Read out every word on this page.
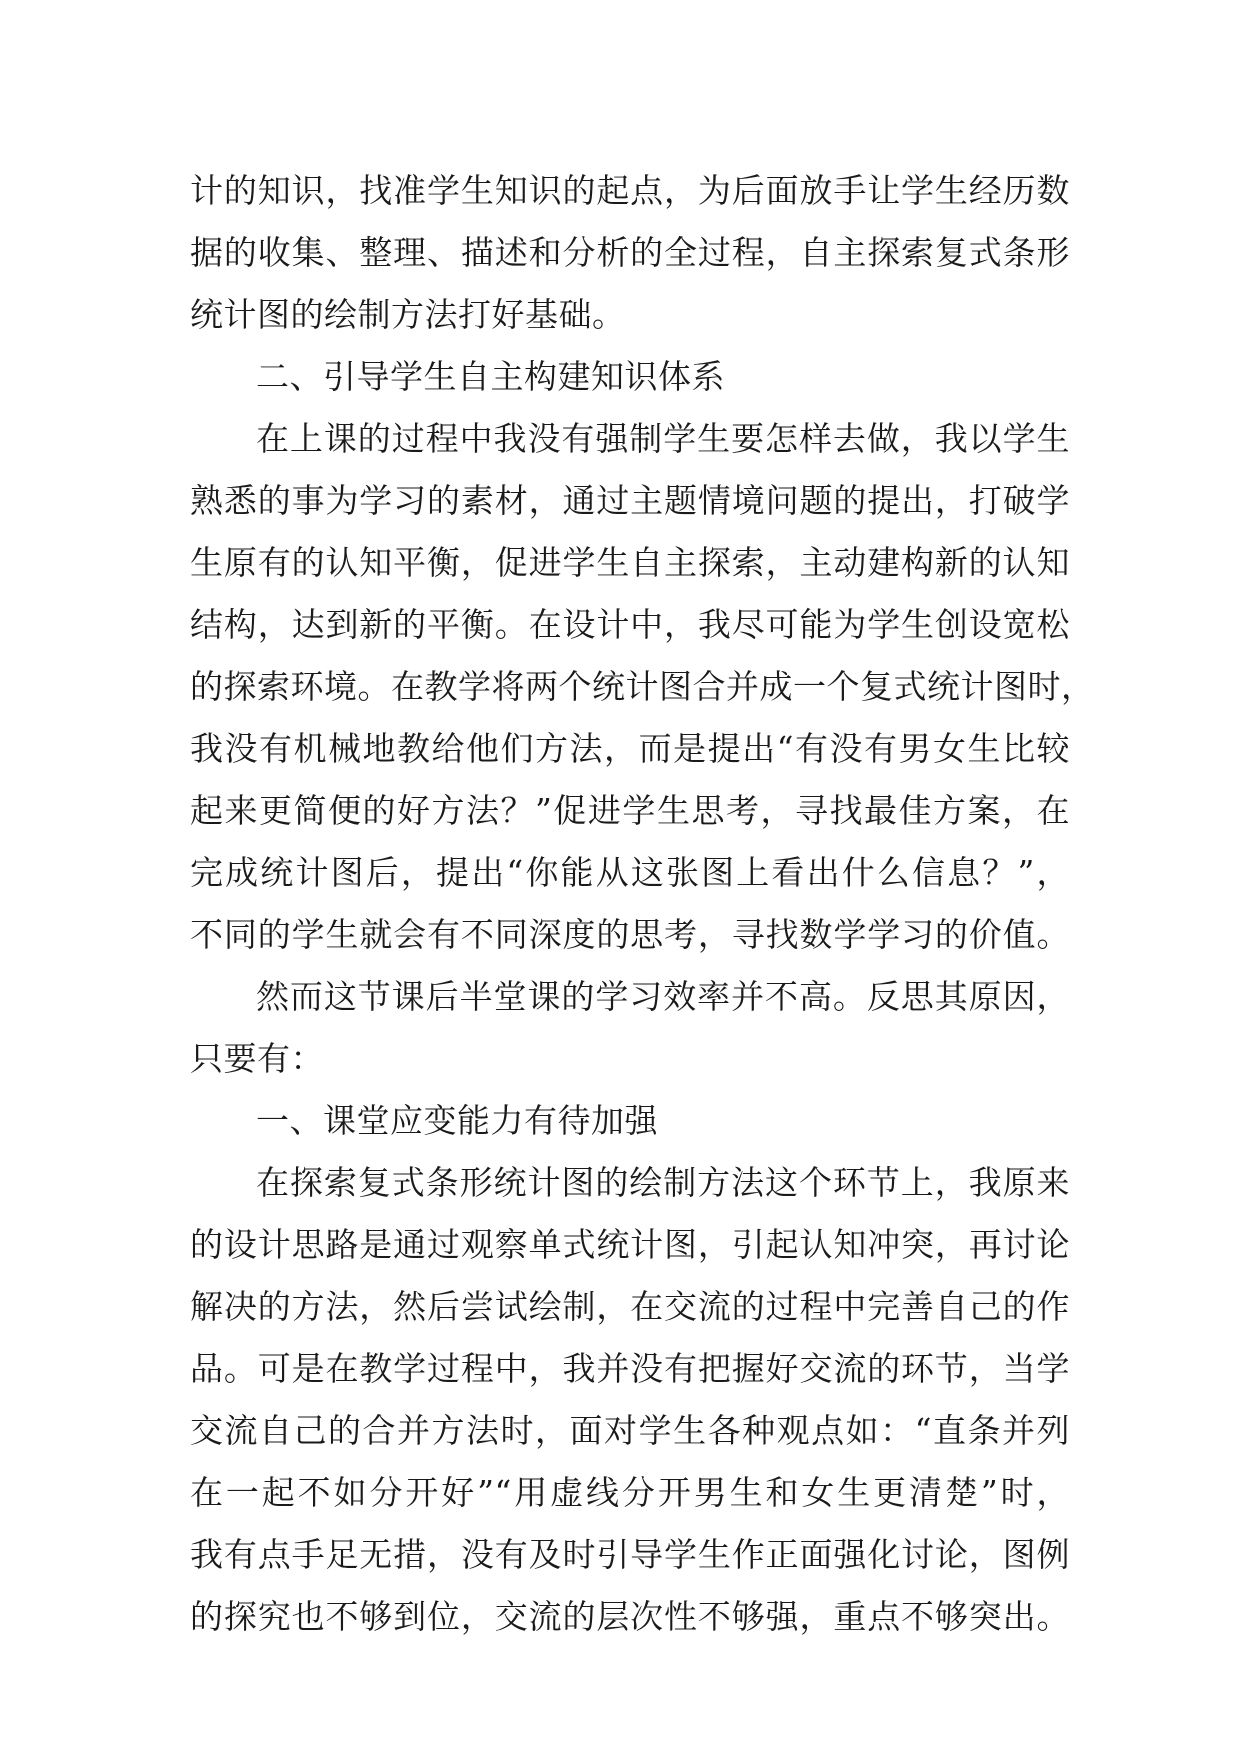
计的知识，找准学生知识的起点，为后面放手让学生经历数
据的收集、整理、描述和分析的全过程，自主探索复式条形
统计图的绘制方法打好基础。
二、引导学生自主构建知识体系
在上课的过程中我没有强制学生要怎样去做，我以学生
熟悉的事为学习的素材，通过主题情境问题的提出，打破学
生原有的认知平衡，促进学生自主探索，主动建构新的认知
结构，达到新的平衡。在设计中，我尽可能为学生创设宽松
的探索环境。在教学将两个统计图合并成一个复式统计图时，
我没有机械地教给他们方法，而是提出“有没有男女生比较
起来更简便的好方法？”促进学生思考，寻找最佳方案，在
完成统计图后，提出“你能从这张图上看出什么信息？”，
不同的学生就会有不同深度的思考，寻找数学学习的价值。
然而这节课后半堂课的学习效率并不高。反思其原因，
只要有：
一、课堂应变能力有待加强
在探索复式条形统计图的绘制方法这个环节上，我原来
的设计思路是通过观察单式统计图，引起认知冲突，再讨论
解决的方法，然后尝试绘制，在交流的过程中完善自己的作
品。可是在教学过程中，我并没有把握好交流的环节，当学
交流自己的合并方法时，面对学生各种观点如：“直条并列
在一起不如分开好”“用虚线分开男生和女生更清楚”时，
我有点手足无措，没有及时引导学生作正面强化讨论，图例
的探究也不够到位，交流的层次性不够强，重点不够突出。
